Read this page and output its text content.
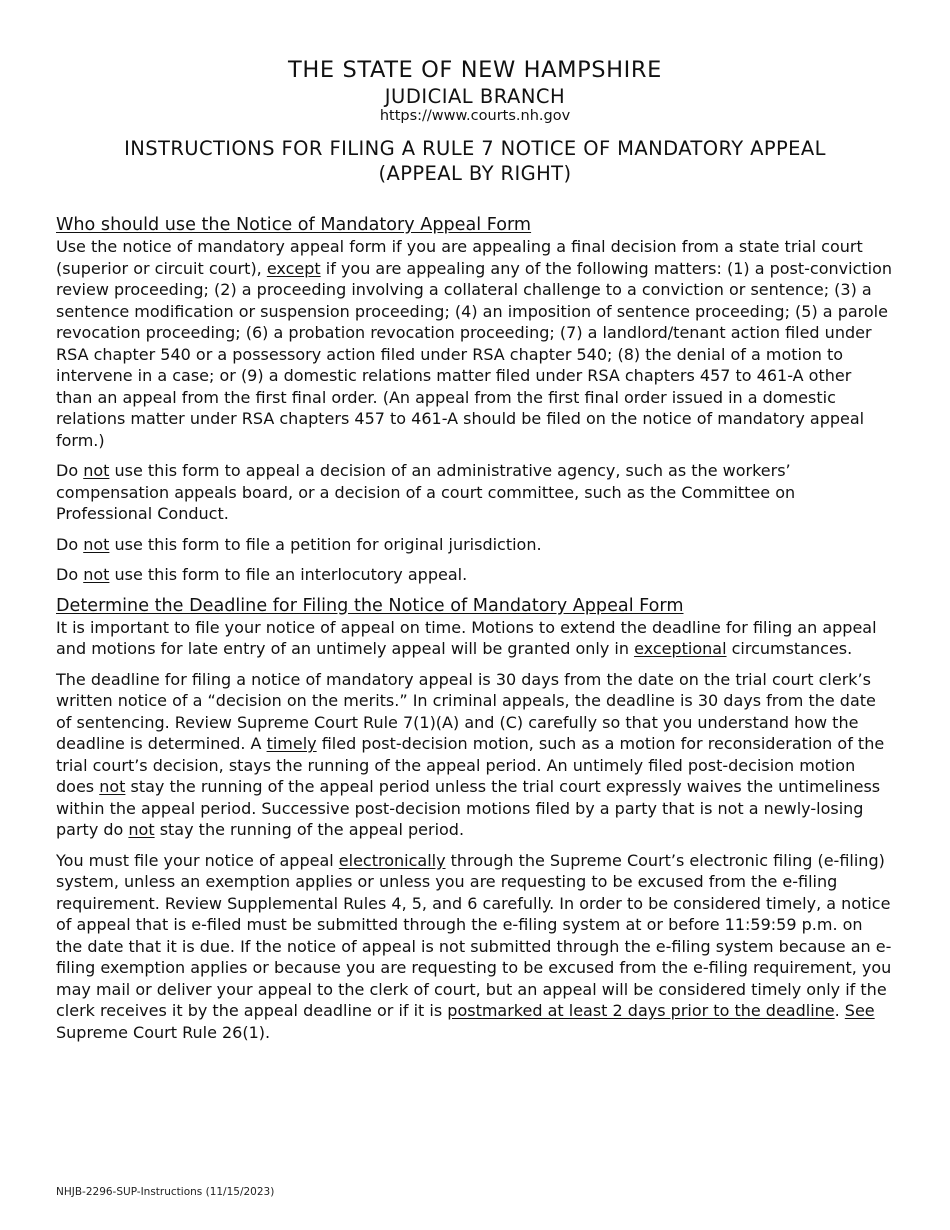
THE STATE OF NEW HAMPSHIRE
JUDICIAL BRANCH
https://www.courts.nh.gov
INSTRUCTIONS FOR FILING A RULE 7 NOTICE OF MANDATORY APPEAL
(APPEAL BY RIGHT)
Who should use the Notice of Mandatory Appeal Form

Use the notice of mandatory appeal form if you are appealing a final decision from a state trial court (superior or circuit court), except if you are appealing any of the following matters: (1) a post-conviction review proceeding; (2) a proceeding involving a collateral challenge to a conviction or sentence; (3) a sentence modification or suspension proceeding; (4) an imposition of sentence proceeding; (5) a parole revocation proceeding; (6) a probation revocation proceeding; (7) a landlord/tenant action filed under RSA chapter 540 or a possessory action filed under RSA chapter 540; (8) the denial of a motion to intervene in a case; or (9) a domestic relations matter filed under RSA chapters 457 to 461-A other than an appeal from the first final order. (An appeal from the first final order issued in a domestic relations matter under RSA chapters 457 to 461-A should be filed on the notice of mandatory appeal form.)

Do not use this form to appeal a decision of an administrative agency, such as the workers’ compensation appeals board, or a decision of a court committee, such as the Committee on Professional Conduct.

Do not use this form to file a petition for original jurisdiction.

Do not use this form to file an interlocutory appeal.

Determine the Deadline for Filing the Notice of Mandatory Appeal Form

It is important to file your notice of appeal on time. Motions to extend the deadline for filing an appeal and motions for late entry of an untimely appeal will be granted only in exceptional circumstances.

The deadline for filing a notice of mandatory appeal is 30 days from the date on the trial court clerk’s written notice of a “decision on the merits.” In criminal appeals, the deadline is 30 days from the date of sentencing. Review Supreme Court Rule 7(1)(A) and (C) carefully so that you understand how the deadline is determined. A timely filed post-decision motion, such as a motion for reconsideration of the trial court’s decision, stays the running of the appeal period. An untimely filed post-decision motion does not stay the running of the appeal period unless the trial court expressly waives the untimeliness within the appeal period. Successive post-decision motions filed by a party that is not a newly-losing party do not stay the running of the appeal period.

You must file your notice of appeal electronically through the Supreme Court’s electronic filing (e-filing) system, unless an exemption applies or unless you are requesting to be excused from the e-filing requirement. Review Supplemental Rules 4, 5, and 6 carefully. In order to be considered timely, a notice of appeal that is e-filed must be submitted through the e-filing system at or before 11:59:59 p.m. on the date that it is due. If the notice of appeal is not submitted through the e-filing system because an e-filing exemption applies or because you are requesting to be excused from the e-filing requirement, you may mail or deliver your appeal to the clerk of court, but an appeal will be considered timely only if the clerk receives it by the appeal deadline or if it is postmarked at least 2 days prior to the deadline. See Supreme Court Rule 26(1).

NHJB-2296-SUP-Instructions (11/15/2023)
